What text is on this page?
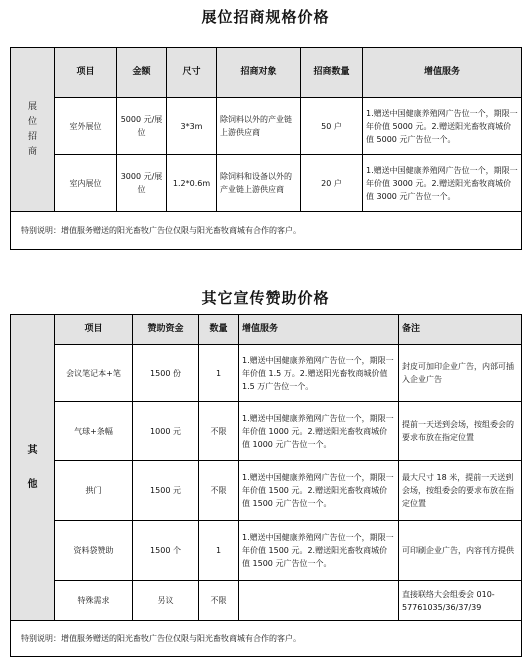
展位招商规格价格
展位招商	项目	金额	尺寸	招商对象	招商数量	增值服务
	室外展位	5000 元/展位	3*3m	除饲料以外的产业链上游供应商	50 户	1.赠送中国健康养殖网广告位一个，期限一年价值 5000 元。2.赠送阳光畜牧商城价值 5000 元广告位一个。
	室内展位	3000 元/展位	1.2*0.6m	除饲料和设备以外的产业链上游供应商	20 户	1.赠送中国健康养殖网广告位一个，期限一年价值 3000 元。2.赠送阳光畜牧商城价值 3000 元广告位一个。
特别说明：增值服务赠送的阳光畜牧广告位仅限与阳光畜牧商城有合作的客户。						
其它宣传赞助价格
其他	项目	赞助资金	数量	增值服务	备注
	会议笔记本+笔	1500 份	1	1.赠送中国健康养殖网广告位一个，期限一年价值 1.5 万。2.赠送阳光畜牧商城价值 1.5 万广告位一个。	封皮可加印企业广告，内部可插入企业广告
	气球+条幅	1000 元	不限	1.赠送中国健康养殖网广告位一个，期限一年价值 1000 元。2.赠送阳光畜牧商城价值 1000 元广告位一个。	提前一天送到会场，按组委会的要求布放在指定位置
	拱门	1500 元	不限	1.赠送中国健康养殖网广告位一个，期限一年价值 1500 元。2.赠送阳光畜牧商城价值 1500 元广告位一个。	最大尺寸 18 米，提前一天送到会场，按组委会的要求布放在指定位置
	资料袋赞助	1500 个	1	1.赠送中国健康养殖网广告位一个，期限一年价值 1500 元。2.赠送阳光畜牧商城价值 1500 元广告位一个。	可印刷企业广告，内容刊方提供
	特殊需求	另议	不限		直接联络大会组委会 010-57761035/36/37/39
特别说明：增值服务赠送的阳光畜牧广告位仅限与阳光畜牧商城有合作的客户。					
